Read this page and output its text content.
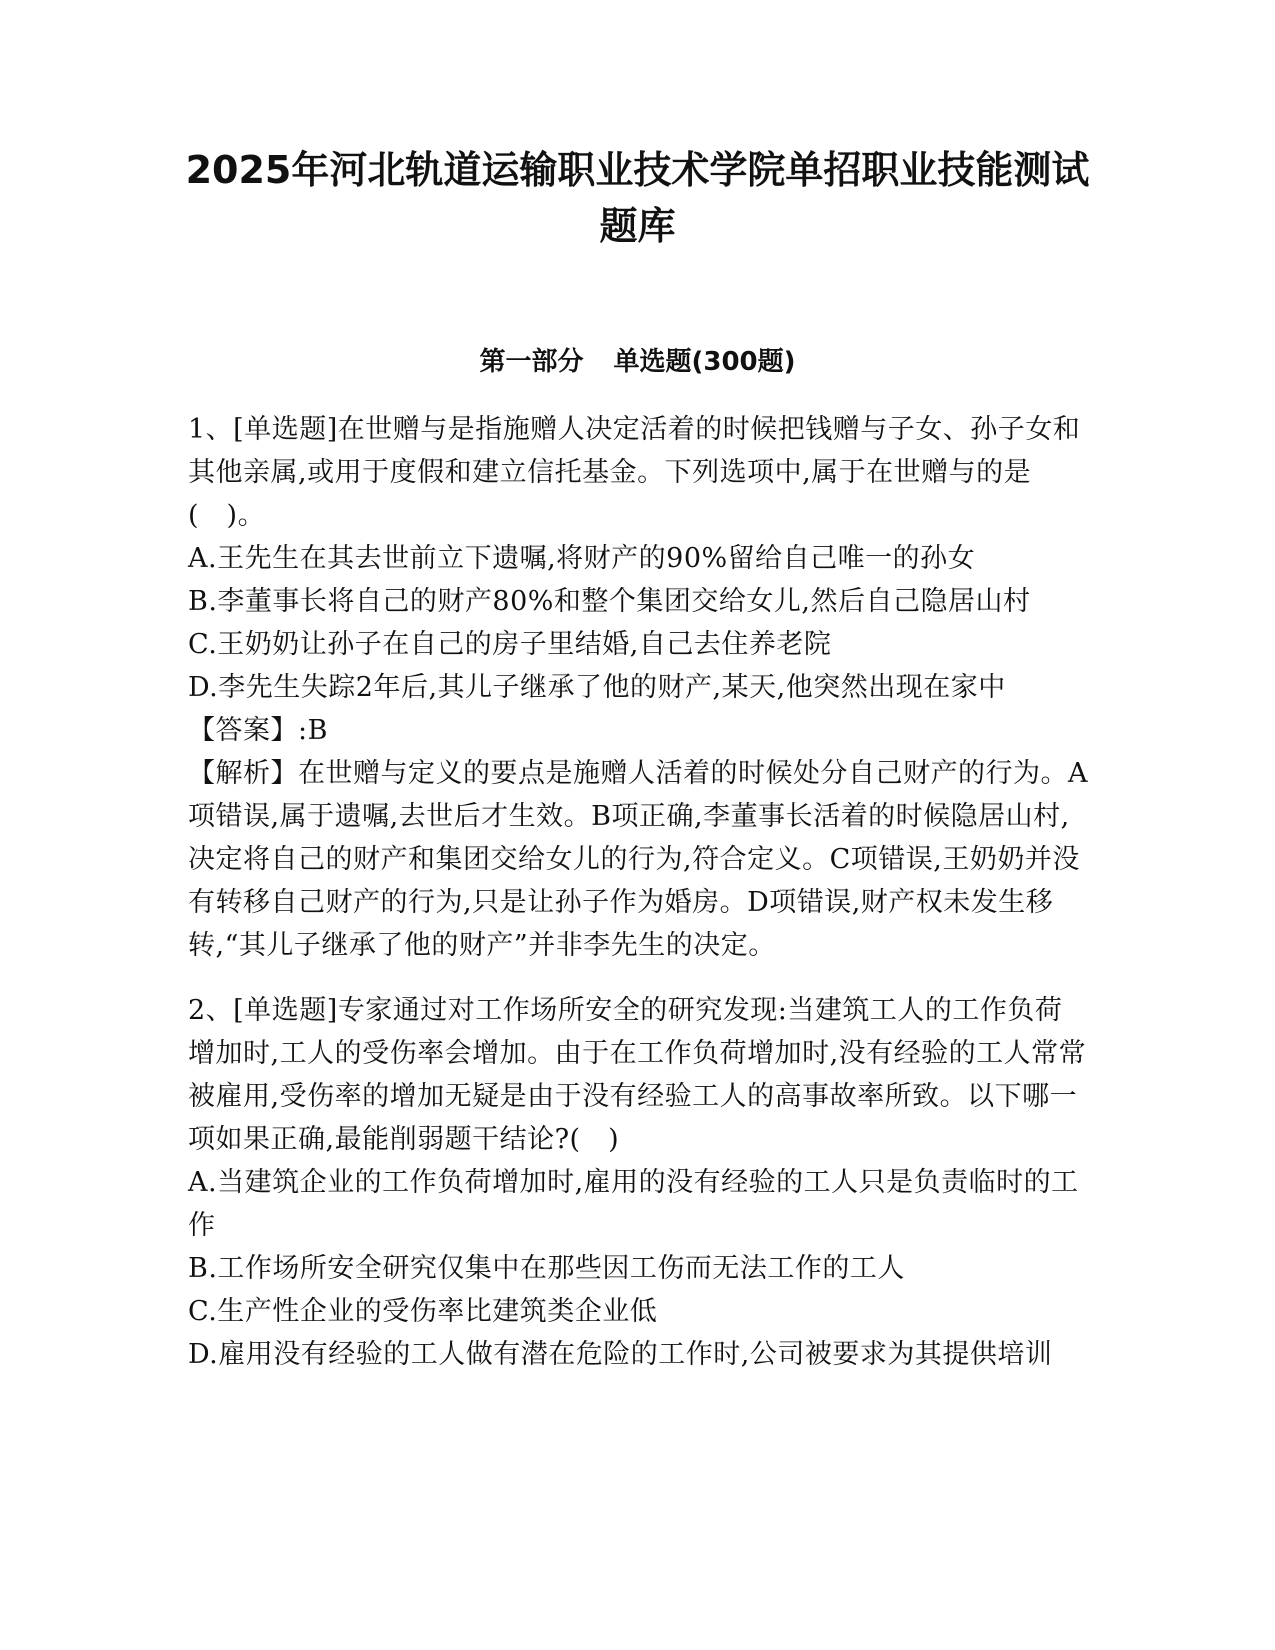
2025年河北轨道运输职业技术学院单招职业技能测试
题库
第一部分 单选题(300题)

1、[单选题]在世赠与是指施赠人决定活着的时候把钱赠与子女、孙子女和其他亲属,或用于度假和建立信托基金。下列选项中,属于在世赠与的是(　)。

A.王先生在其去世前立下遗嘱,将财产的90%留给自己唯一的孙女

B.李董事长将自己的财产80%和整个集团交给女儿,然后自己隐居山村

C.王奶奶让孙子在自己的房子里结婚,自己去住养老院

D.李先生失踪2年后,其儿子继承了他的财产,某天,他突然出现在家中

【答案】:B

【解析】在世赠与定义的要点是施赠人活着的时候处分自己财产的行为。A项错误,属于遗嘱,去世后才生效。B项正确,李董事长活着的时候隐居山村,决定将自己的财产和集团交给女儿的行为,符合定义。C项错误,王奶奶并没有转移自己财产的行为,只是让孙子作为婚房。D项错误,财产权未发生移转,“其儿子继承了他的财产”并非李先生的决定。

2、[单选题]专家通过对工作场所安全的研究发现:当建筑工人的工作负荷增加时,工人的受伤率会增加。由于在工作负荷增加时,没有经验的工人常常被雇用,受伤率的增加无疑是由于没有经验工人的高事故率所致。以下哪一项如果正确,最能削弱题干结论?(　)

A.当建筑企业的工作负荷增加时,雇用的没有经验的工人只是负责临时的工作

B.工作场所安全研究仅集中在那些因工伤而无法工作的工人

C.生产性企业的受伤率比建筑类企业低

D.雇用没有经验的工人做有潜在危险的工作时,公司被要求为其提供培训
